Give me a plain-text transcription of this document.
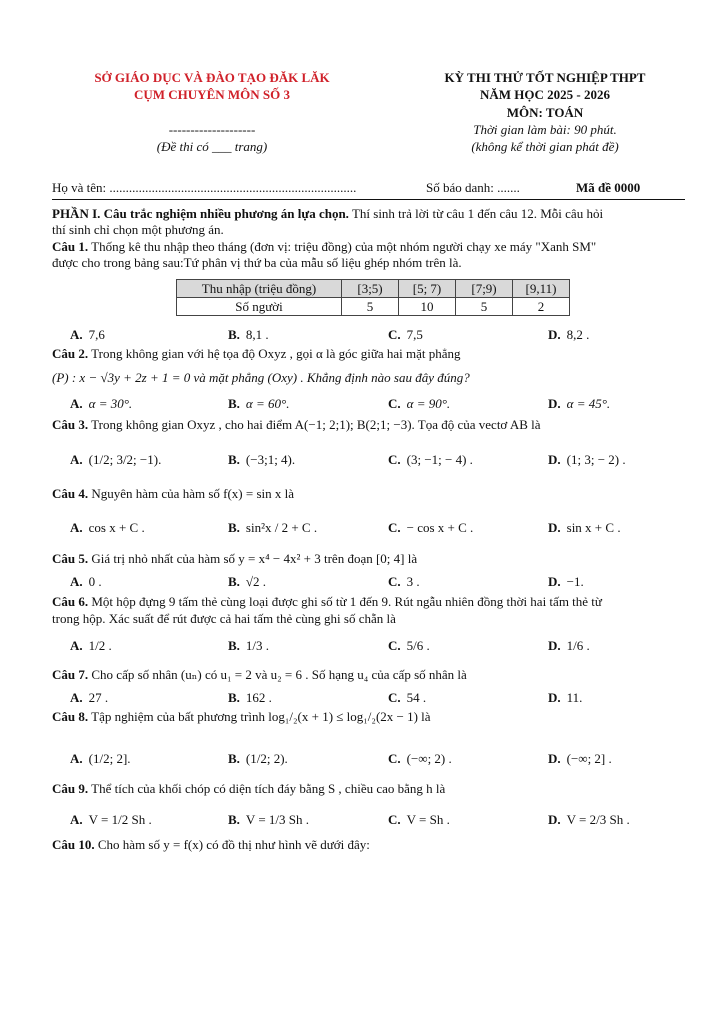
SỞ GIÁO DỤC VÀ ĐÀO TẠO ĐĂK LĂK
CỤM CHUYÊN MÔN SỐ 3
--------------------
(Đề thi có ___ trang)
KỲ THI THỬ TỐT NGHIỆP THPT
NĂM HỌC 2025 - 2026
MÔN: TOÁN
Thời gian làm bài: 90 phút.
(không kể thời gian phát đề)
Họ và tên: ............................................................................	Số báo danh: .......	Mã đề 0000
PHẦN I. Câu trắc nghiệm nhiều phương án lựa chọn. Thí sinh trả lời từ câu 1 đến câu 12. Mỗi câu hỏi
thí sinh chỉ chọn một phương án.
Câu 1. Thống kê thu nhập theo tháng (đơn vị: triệu đồng) của một nhóm người chạy xe máy "Xanh SM"
được cho trong bảng sau:Tứ phân vị thứ ba của mẫu số liệu ghép nhóm trên là.
Thu nhập (triệu đồng)	[3;5)	[5; 7)	[7;9)	[9,11)
Số người	5	10	5	2
A. 7,6	B. 8,1 .	C. 7,5	D. 8,2 .
Câu 2. Trong không gian với hệ tọa độ Oxyz , gọi α là góc giữa hai mặt phẳng
(P) : x − √3y + 2z + 1 = 0 và mặt phẳng (Oxy) . Khẳng định nào sau đây đúng?
A. α = 30°.	B. α = 60°.	C. α = 90°.	D. α = 45°.
Câu 3. Trong không gian Oxyz , cho hai điểm A(−1; 2;1); B(2;1; −3). Tọa độ của vectơ AB là
A. (1/2; 3/2; −1).	B. (−3;1; 4).	C. (3; −1; − 4) .	D. (1; 3; − 2) .
Câu 4. Nguyên hàm của hàm số f(x) = sin x là
A. cos x + C .	B. sin²x / 2 + C .	C. − cos x + C .	D. sin x + C .
Câu 5. Giá trị nhỏ nhất của hàm số y = x⁴ − 4x² + 3 trên đoạn [0; 4] là
A. 0 .	B. √2 .	C. 3 .	D. −1.
Câu 6. Một hộp đựng 9 tấm thẻ cùng loại được ghi số từ 1 đến 9. Rút ngẫu nhiên đồng thời hai tấm thẻ từ
trong hộp. Xác suất để rút được cả hai tấm thẻ cùng ghi số chẵn là
A. 1/2 .	B. 1/3 .	C. 5/6 .	D. 1/6 .
Câu 7. Cho cấp số nhân (uₙ) có u₁ = 2 và u₂ = 6 . Số hạng u₄ của cấp số nhân là
A. 27 .	B. 162 .	C. 54 .	D. 11.
Câu 8. Tập nghiệm của bất phương trình log₁/₂(x + 1) ≤ log₁/₂(2x − 1) là
A. (1/2; 2].	B. (1/2; 2).	C. (−∞; 2) .	D. (−∞; 2] .
Câu 9. Thể tích của khối chóp có diện tích đáy bằng S , chiều cao bằng h là
A. V = 1/2 Sh .	B. V = 1/3 Sh .	C. V = Sh .	D. V = 2/3 Sh .
Câu 10. Cho hàm số y = f(x) có đồ thị như hình vẽ dưới đây:
